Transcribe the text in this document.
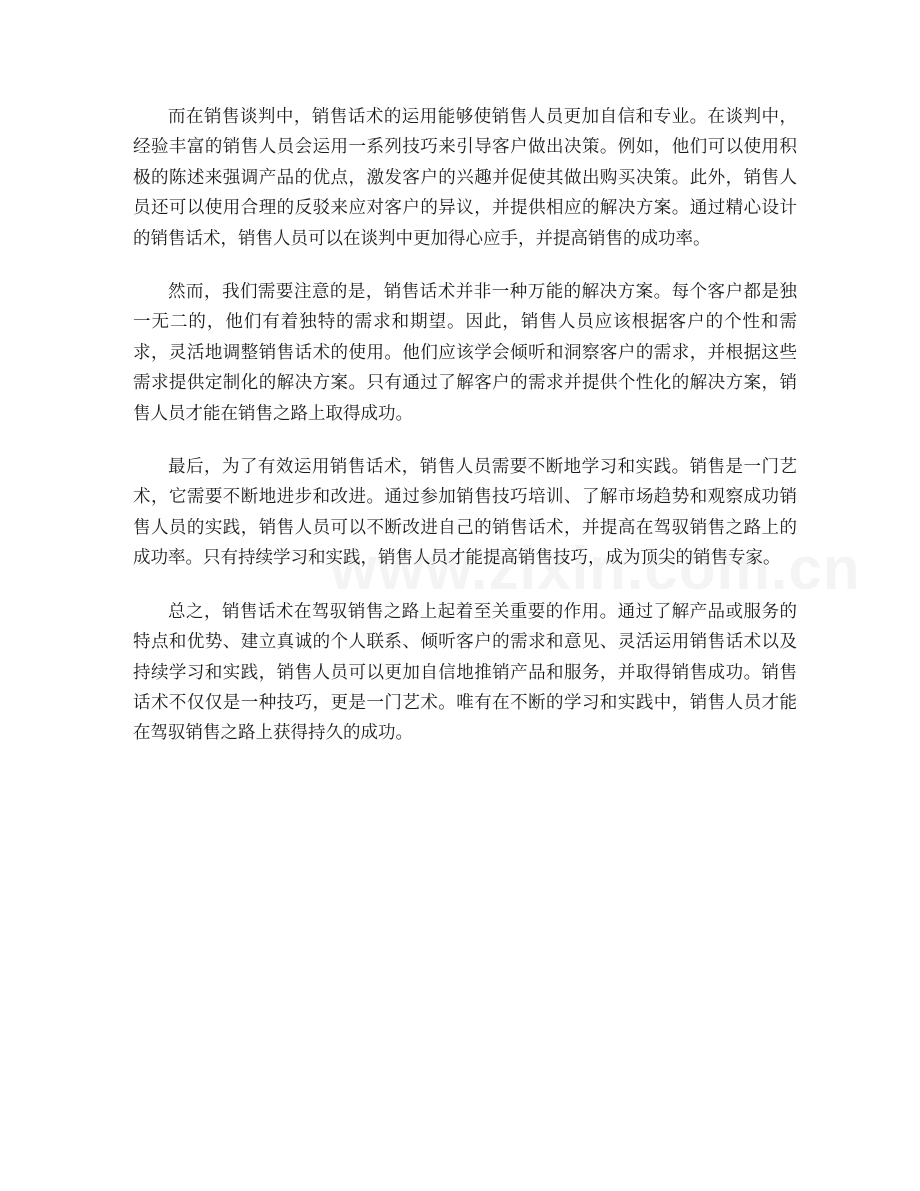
而在销售谈判中，销售话术的运用能够使销售人员更加自信和专业。在谈判中，经验丰富的销售人员会运用一系列技巧来引导客户做出决策。例如，他们可以使用积极的陈述来强调产品的优点，激发客户的兴趣并促使其做出购买决策。此外，销售人员还可以使用合理的反驳来应对客户的异议，并提供相应的解决方案。通过精心设计的销售话术，销售人员可以在谈判中更加得心应手，并提高销售的成功率。

然而，我们需要注意的是，销售话术并非一种万能的解决方案。每个客户都是独一无二的，他们有着独特的需求和期望。因此，销售人员应该根据客户的个性和需求，灵活地调整销售话术的使用。他们应该学会倾听和洞察客户的需求，并根据这些需求提供定制化的解决方案。只有通过了解客户的需求并提供个性化的解决方案，销售人员才能在销售之路上取得成功。

最后，为了有效运用销售话术，销售人员需要不断地学习和实践。销售是一门艺术，它需要不断地进步和改进。通过参加销售技巧培训、了解市场趋势和观察成功销售人员的实践，销售人员可以不断改进自己的销售话术，并提高在驾驭销售之路上的成功率。只有持续学习和实践，销售人员才能提高销售技巧，成为顶尖的销售专家。

总之，销售话术在驾驭销售之路上起着至关重要的作用。通过了解产品或服务的特点和优势、建立真诚的个人联系、倾听客户的需求和意见、灵活运用销售话术以及持续学习和实践，销售人员可以更加自信地推销产品和服务，并取得销售成功。销售话术不仅仅是一种技巧，更是一门艺术。唯有在不断的学习和实践中，销售人员才能在驾驭销售之路上获得持久的成功。
